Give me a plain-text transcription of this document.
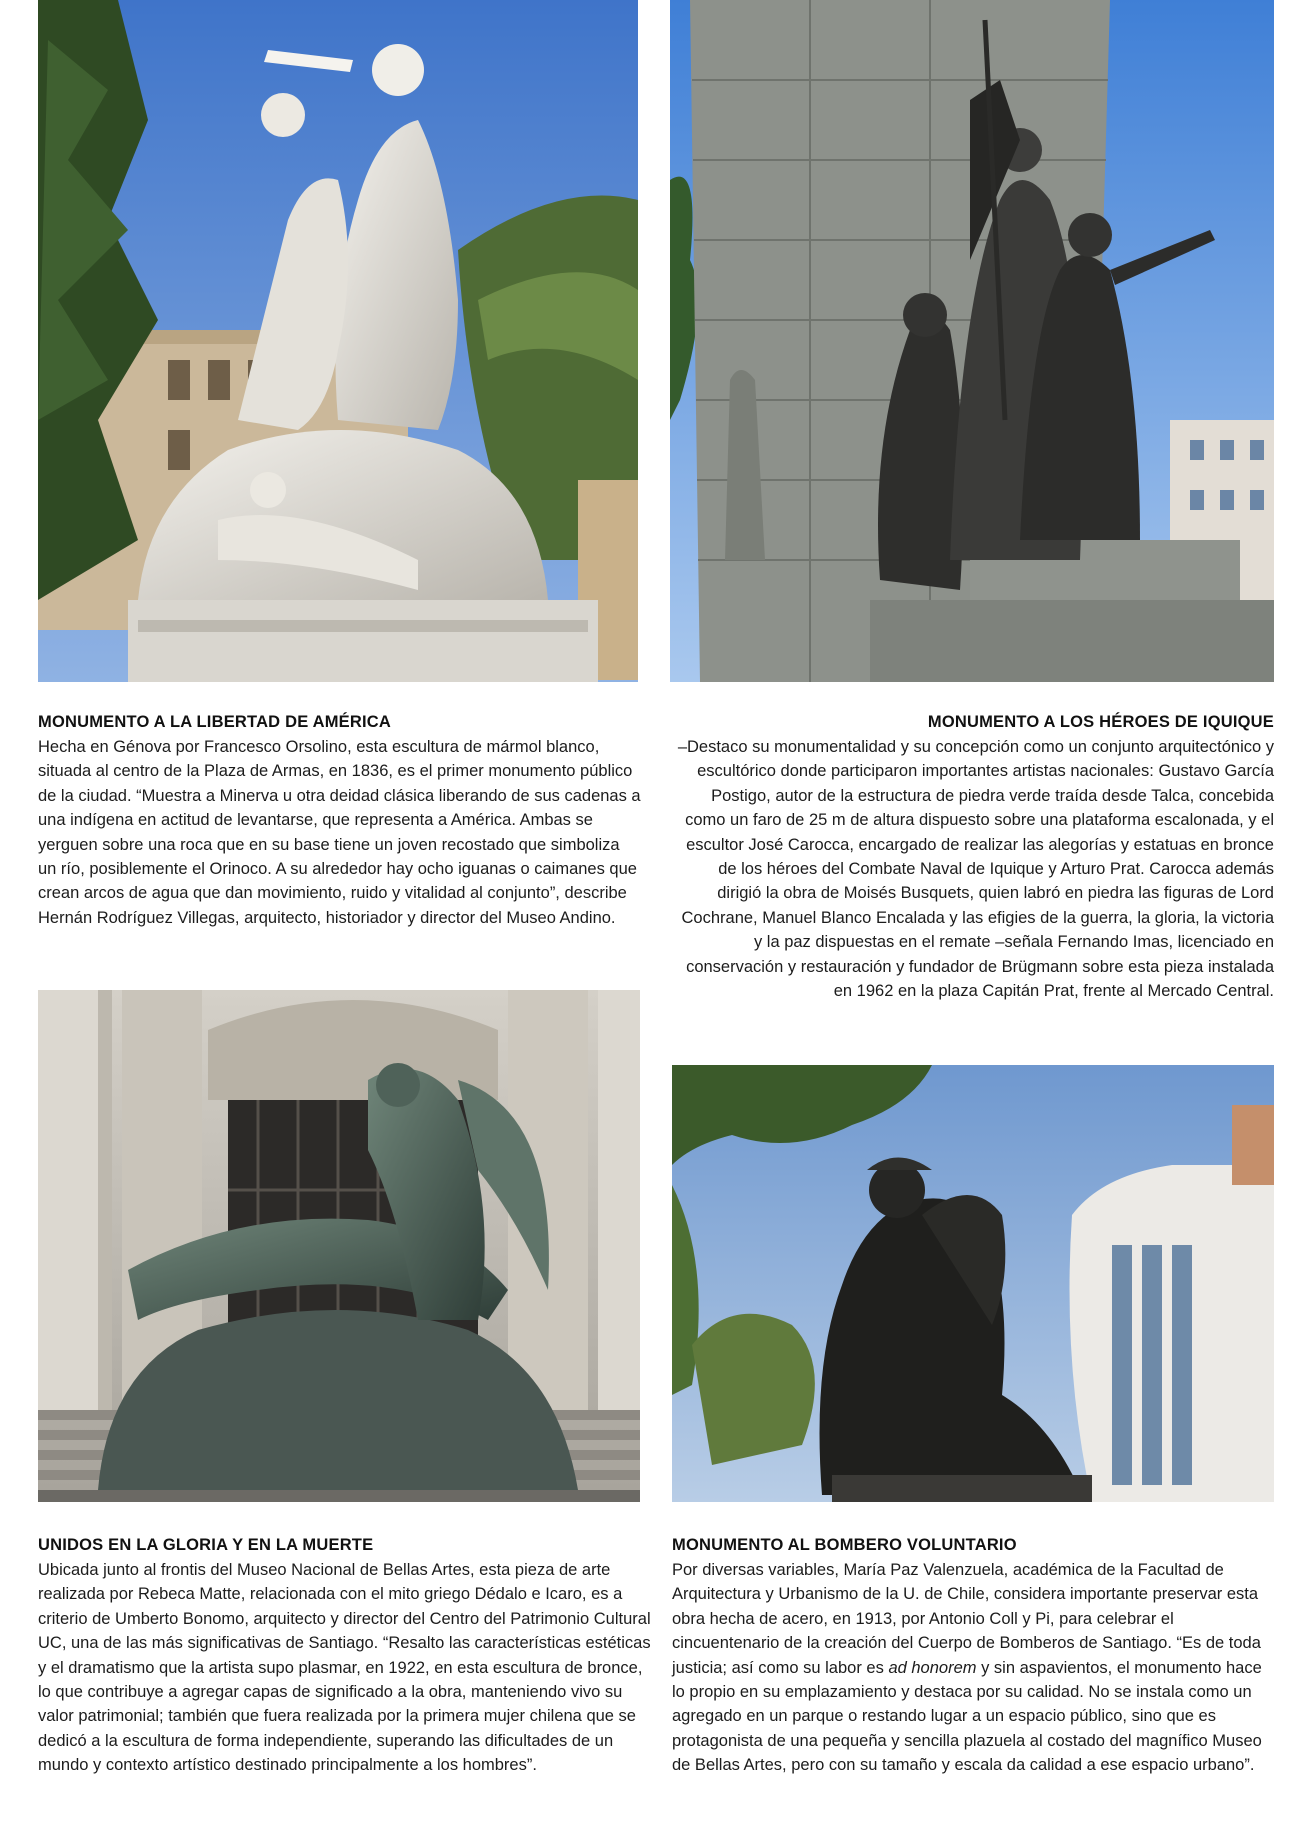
MONUMENTO A LA LIBERTAD DE AMÉRICA

Hecha en Génova por Francesco Orsolino, esta escultura de mármol blanco, situada al centro de la Plaza de Armas, en 1836, es el primer monumento público de la ciudad. “Muestra a Minerva u otra deidad clásica liberando de sus cadenas a una indígena en actitud de levantarse, que representa a América. Ambas se yerguen sobre una roca que en su base tiene un joven recostado que simboliza un río, posiblemente el Orinoco. A su alrededor hay ocho iguanas o caimanes que crean arcos de agua que dan movimiento, ruido y vitalidad al conjunto”, describe Hernán Rodríguez Villegas, arquitecto, historiador y director del Museo Andino.

MONUMENTO A LOS HÉROES DE IQUIQUE

–Destaco su monumentalidad y su concepción como un conjunto arquitectónico y escultórico donde participaron importantes artistas nacionales: Gustavo García Postigo, autor de la estructura de piedra verde traída desde Talca, concebida como un faro de 25 m de altura dispuesto sobre una plataforma escalonada, y el escultor José Carocca, encargado de realizar las alegorías y estatuas en bronce de los héroes del Combate Naval de Iquique y Arturo Prat. Carocca además dirigió la obra de Moisés Busquets, quien labró en piedra las figuras de Lord Cochrane, Manuel Blanco Encalada y las efigies de la guerra, la gloria, la victoria y la paz dispuestas en el remate –señala Fernando Imas, licenciado en conservación y restauración y fundador de Brügmann sobre esta pieza instalada en 1962 en la plaza Capitán Prat, frente al Mercado Central.

UNIDOS EN LA GLORIA Y EN LA MUERTE

Ubicada junto al frontis del Museo Nacional de Bellas Artes, esta pieza de arte realizada por Rebeca Matte, relacionada con el mito griego Dédalo e Icaro, es a criterio de Umberto Bonomo, arquitecto y director del Centro del Patrimonio Cultural UC, una de las más significativas de Santiago. “Resalto las características estéticas y el dramatismo que la artista supo plasmar, en 1922, en esta escultura de bronce, lo que contribuye a agregar capas de significado a la obra, manteniendo vivo su valor patrimonial; también que fuera realizada por la primera mujer chilena que se dedicó a la escultura de forma independiente, superando las dificultades de un mundo y contexto artístico destinado principalmente a los hombres”.

MONUMENTO AL BOMBERO VOLUNTARIO

Por diversas variables, María Paz Valenzuela, académica de la Facultad de Arquitectura y Urbanismo de la U. de Chile, considera importante preservar esta obra hecha de acero, en 1913, por Antonio Coll y Pi, para celebrar el cincuentenario de la creación del Cuerpo de Bomberos de Santiago. “Es de toda justicia; así como su labor es ad honorem y sin aspavientos, el monumento hace lo propio en su emplazamiento y destaca por su calidad. No se instala como un agregado en un parque o restando lugar a un espacio público, sino que es protagonista de una pequeña y sencilla plazuela al costado del magnífico Museo de Bellas Artes, pero con su tamaño y escala da calidad a ese espacio urbano”.
